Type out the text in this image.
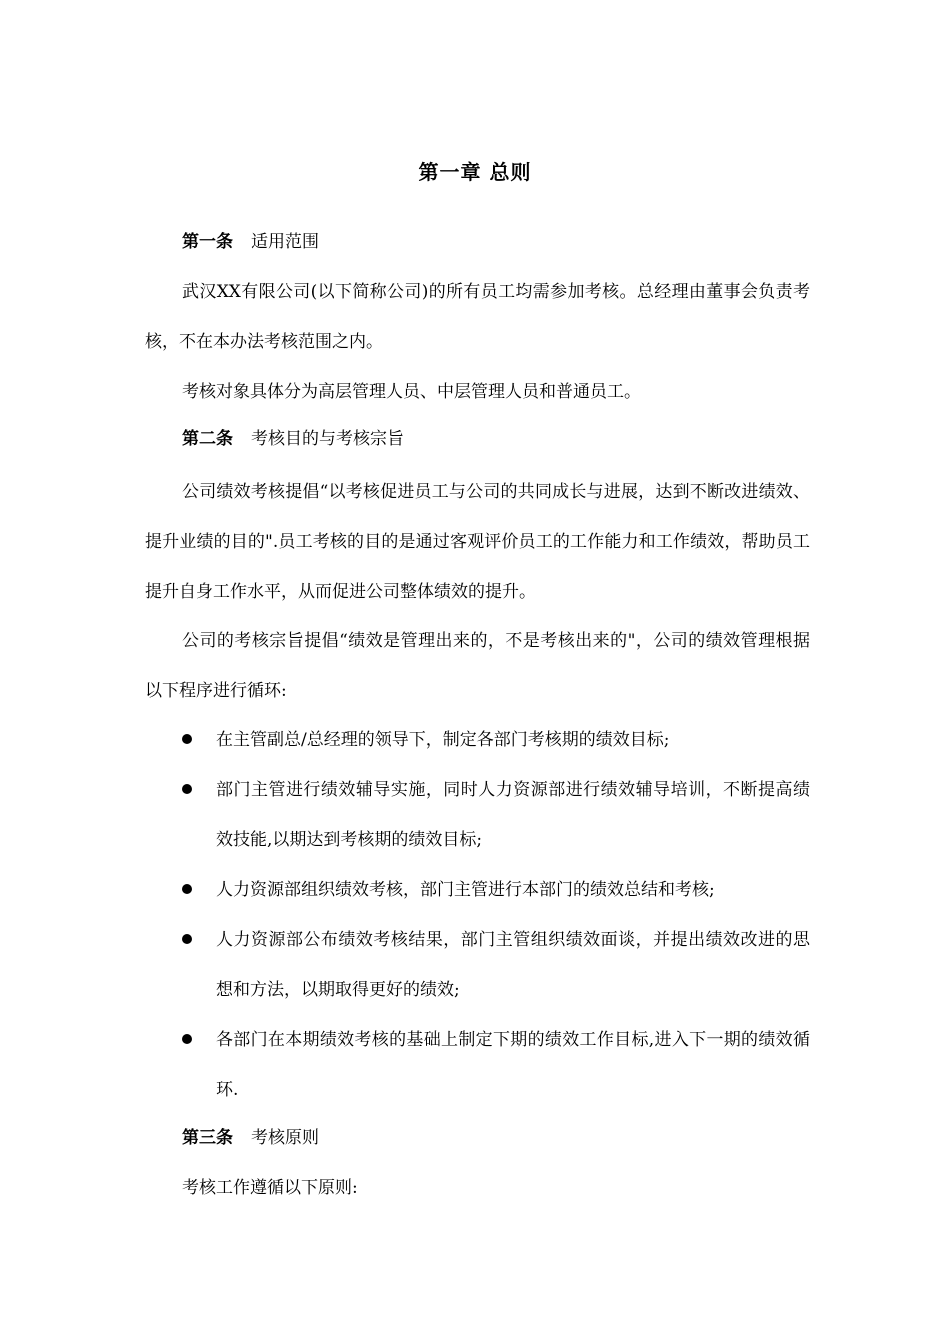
第一章 总则

第一条 适用范围

武汉XX有限公司(以下简称公司)的所有员工均需参加考核。总经理由董事会负责考核，不在本办法考核范围之内。

考核对象具体分为高层管理人员、中层管理人员和普通员工。

第二条 考核目的与考核宗旨

公司绩效考核提倡“以考核促进员工与公司的共同成长与进展，达到不断改进绩效、提升业绩的目的".员工考核的目的是通过客观评价员工的工作能力和工作绩效，帮助员工提升自身工作水平，从而促进公司整体绩效的提升。

公司的考核宗旨提倡“绩效是管理出来的，不是考核出来的"，公司的绩效管理根据以下程序进行循环:

在主管副总/总经理的领导下，制定各部门考核期的绩效目标;
部门主管进行绩效辅导实施，同时人力资源部进行绩效辅导培训，不断提高绩效技能,以期达到考核期的绩效目标;
人力资源部组织绩效考核，部门主管进行本部门的绩效总结和考核;
人力资源部公布绩效考核结果，部门主管组织绩效面谈，并提出绩效改进的思想和方法，以期取得更好的绩效;
各部门在本期绩效考核的基础上制定下期的绩效工作目标,进入下一期的绩效循环.

第三条 考核原则

考核工作遵循以下原则:
